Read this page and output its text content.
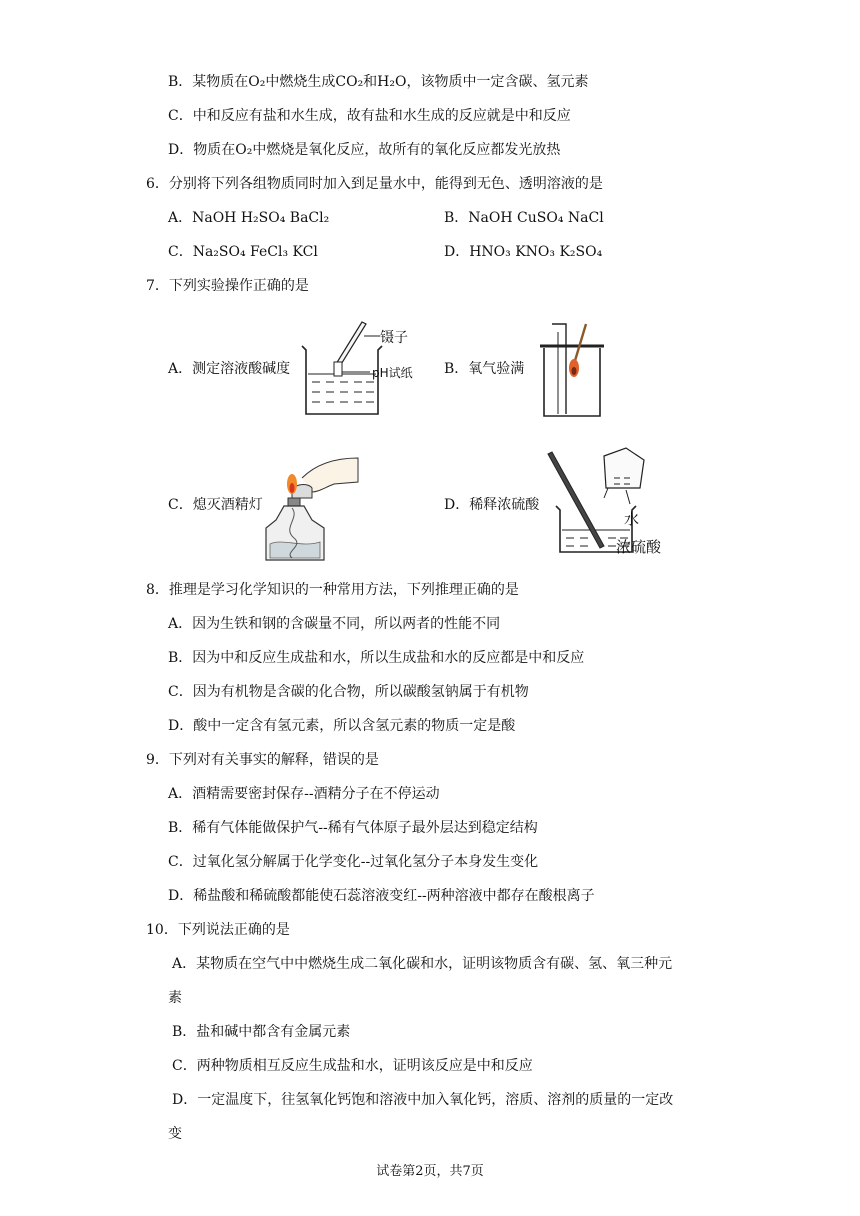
B．某物质在O₂中燃烧生成CO₂和H₂O，该物质中一定含碳、氢元素
C．中和反应有盐和水生成，故有盐和水生成的反应就是中和反应
D．物质在O₂中燃烧是氧化反应，故所有的氧化反应都发光放热
6．分别将下列各组物质同时加入到足量水中，能得到无色、透明溶液的是
A．NaOH H₂SO₄ BaCl₂	B．NaOH CuSO₄ NaCl
C．Na₂SO₄ FeCl₃ KCl	D．HNO₃ KNO₃ K₂SO₄
7．下列实验操作正确的是
A．测定溶液酸碱度	B．氧气验满
C．熄灭酒精灯	D．稀释浓硫酸
镊子
pH试纸
水
浓硫酸
8．推理是学习化学知识的一种常用方法，下列推理正确的是
A．因为生铁和钢的含碳量不同，所以两者的性能不同
B．因为中和反应生成盐和水，所以生成盐和水的反应都是中和反应
C．因为有机物是含碳的化合物，所以碳酸氢钠属于有机物
D．酸中一定含有氢元素，所以含氢元素的物质一定是酸
9．下列对有关事实的解释，错误的是
A．酒精需要密封保存--酒精分子在不停运动
B．稀有气体能做保护气--稀有气体原子最外层达到稳定结构
C．过氧化氢分解属于化学变化--过氧化氢分子本身发生变化
D．稀盐酸和稀硫酸都能使石蕊溶液变红--两种溶液中都存在酸根离子
10．下列说法正确的是
A．某物质在空气中中燃烧生成二氧化碳和水，证明该物质含有碳、氢、氧三种元
素
B．盐和碱中都含有金属元素
C．两种物质相互反应生成盐和水，证明该反应是中和反应
D．一定温度下，往氢氧化钙饱和溶液中加入氧化钙，溶质、溶剂的质量的一定改
变
试卷第2页，共7页
